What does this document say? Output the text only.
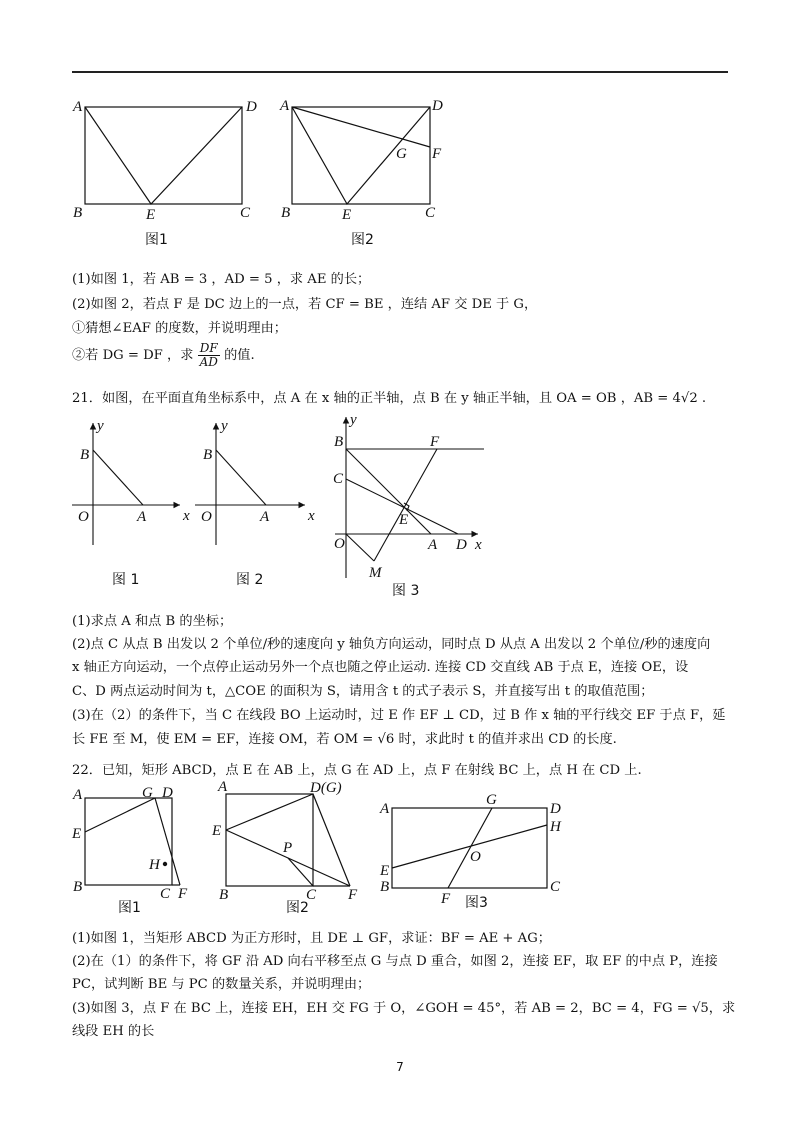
A	D
B	E	C
图1
A	D
G F
B	E	C
图2
(1)如图 1，若 AB = 3 ，AD = 5 ，求 AE 的长；
(2)如图 2，若点 F 是 DC 边上的一点，若 CF = BE ，连结 AF 交 DE 于 G，
①猜想∠EAF 的度数，并说明理由；
②若 DG = DF ，求 $\frac{DF}{AD}$ 的值.
21．如图，在平面直角坐标系中，点 A 在 x 轴的正半轴，点 B 在 y 轴正半轴，且 OA = OB ，AB = 4√2 .
y
B
O	A x
图 1
y
B
O	A	x
图 2
y
B	F
C
E
O	A D x
M
图 3
(1)求点 A 和点 B 的坐标；
(2)点 C 从点 B 出发以 2 个单位/秒的速度向 y 轴负方向运动，同时点 D 从点 A 出发以 2 个单位/秒的速度向
x 轴正方向运动，一个点停止运动另外一个点也随之停止运动. 连接 CD 交直线 AB 于点 E，连接 OE，设
C、D 两点运动时间为 t，△COE 的面积为 S，请用含 t 的式子表示 S，并直接写出 t 的取值范围；
(3)在（2）的条件下，当 C 在线段 BO 上运动时，过 E 作 EF ⊥ CD，过 B 作 x 轴的平行线交 EF 于点 F，延
长 FE 至 M，使 EM = EF，连接 OM，若 OM = √6 时，求此时 t 的值并求出 CD 的长度.
22．已知，矩形 ABCD，点 E 在 AB 上，点 G 在 AD 上，点 F 在射线 BC 上，点 H 在 CD 上.
A	G D
E
H
B	C F
图1
A	D(G)
E
P
B	C F
图2
A
G
D
H
O
E
B
F
C
图3
(1)如图 1，当矩形 ABCD 为正方形时，且 DE ⊥ GF，求证：BF = AE + AG；
(2)在（1）的条件下，将 GF 沿 AD 向右平移至点 G 与点 D 重合，如图 2，连接 EF，取 EF 的中点 P，连接
PC，试判断 BE 与 PC 的数量关系，并说明理由；
(3)如图 3，点 F 在 BC 上，连接 EH，EH 交 FG 于 O，∠GOH = 45°，若 AB = 2，BC = 4，FG = √5，求
线段 EH 的长
7
